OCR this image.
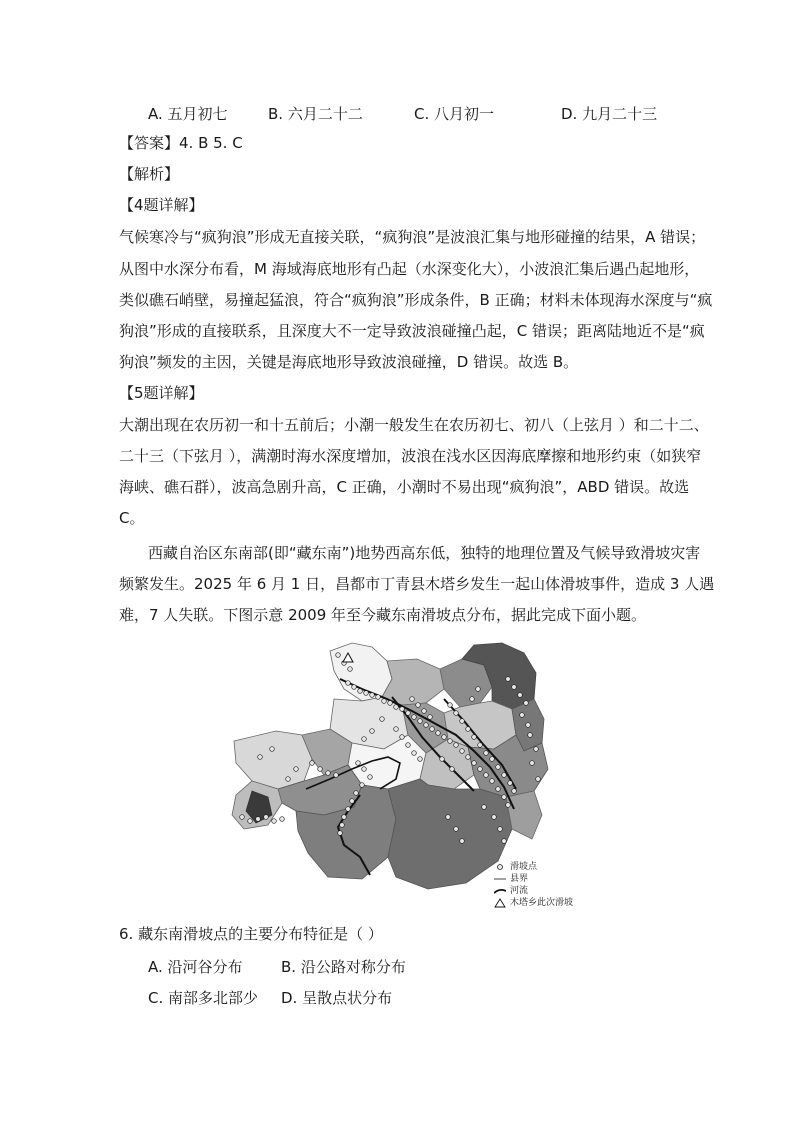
A. 五月初七	B. 六月二十二	C. 八月初一	D. 九月二十三
【答案】4. B 5. C
【解析】
【4题详解】
气候寒冷与“疯狗浪”形成无直接关联，“疯狗浪”是波浪汇集与地形碰撞的结果，A 错误；
从图中水深分布看，M 海域海底地形有凸起（水深变化大），小波浪汇集后遇凸起地形，
类似礁石峭壁，易撞起猛浪，符合“疯狗浪”形成条件，B 正确；材料未体现海水深度与“疯
狗浪”形成的直接联系，且深度大不一定导致波浪碰撞凸起，C 错误；距离陆地近不是“疯
狗浪”频发的主因，关键是海底地形导致波浪碰撞，D 错误。故选 B。
【5题详解】
大潮出现在农历初一和十五前后；小潮一般发生在农历初七、初八（上弦月 ）和二十二、
二十三（下弦月 ），满潮时海水深度增加，波浪在浅水区因海底摩擦和地形约束（如狭窄
海峡、礁石群），波高急剧升高，C 正确，小潮时不易出现“疯狗浪”，ABD 错误。故选
C。
西藏自治区东南部(即“藏东南”)地势西高东低，独特的地理位置及气候导致滑坡灾害
频繁发生。2025 年 6 月 1 日，昌都市丁青县木塔乡发生一起山体滑坡事件，造成 3 人遇
难，7 人失联。下图示意 2009 年至今藏东南滑坡点分布，据此完成下面小题。
滑坡点
县界
河流
木塔乡此次滑坡
6. 藏东南滑坡点的主要分布特征是（ ）
A. 沿河谷分布	B. 沿公路对称分布
C. 南部多北部少 D. 呈散点状分布
